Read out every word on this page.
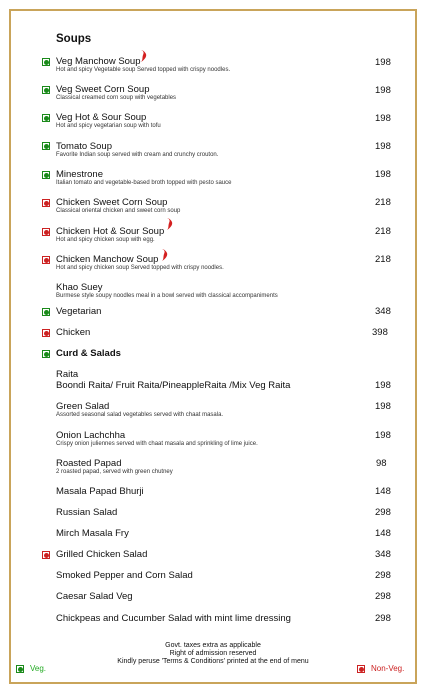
Soups
Veg Manchow Soup
Hot and spicy Vegetable soup Served topped with crispy noodles.
198
Veg Sweet Corn Soup
Classical creamed corn soup with vegetables
198
Veg Hot & Sour Soup
Hot and spicy vegetarian soup with tofu
198
Tomato Soup
Favorite Indian soup served with cream and crunchy crouton.
198
Minestrone
Italian tomato and vegetable-based broth topped with pesto sauce
198
Chicken Sweet Corn Soup
Classical oriental chicken and sweet corn soup
218
Chicken Hot & Sour Soup
Hot and spicy chicken soup with egg.
218
Chicken Manchow Soup
Hot and spicy chicken soup Served topped with crispy noodles.
218
Khao Suey
Burmese style soupy noodles meal in a bowl served with classical accompaniments
Vegetarian	348
Chicken	398
Curd & Salads
Raita
Boondi Raita/ Fruit Raita/PineappleRaita /Mix Veg Raita	198
Green Salad
Assorted seasonal salad vegetables served with chaat masala.
198
Onion Lachchha
Crispy onion juliennes served with chaat masala and sprinkling of lime juice.
198
Roasted Papad
2 roasted papad, served with green chutney
98
Masala Papad Bhurji	148
Russian Salad	298
Mirch Masala Fry	148
Grilled Chicken Salad	348
Smoked Pepper and Corn Salad	298
Caesar Salad Veg	298
Chickpeas and Cucumber Salad with mint lime dressing	298
Govt. taxes extra as applicable
Right of admission reserved
Kindly peruse 'Terms & Conditions' printed at the end of menu
Veg.	Non-Veg.
